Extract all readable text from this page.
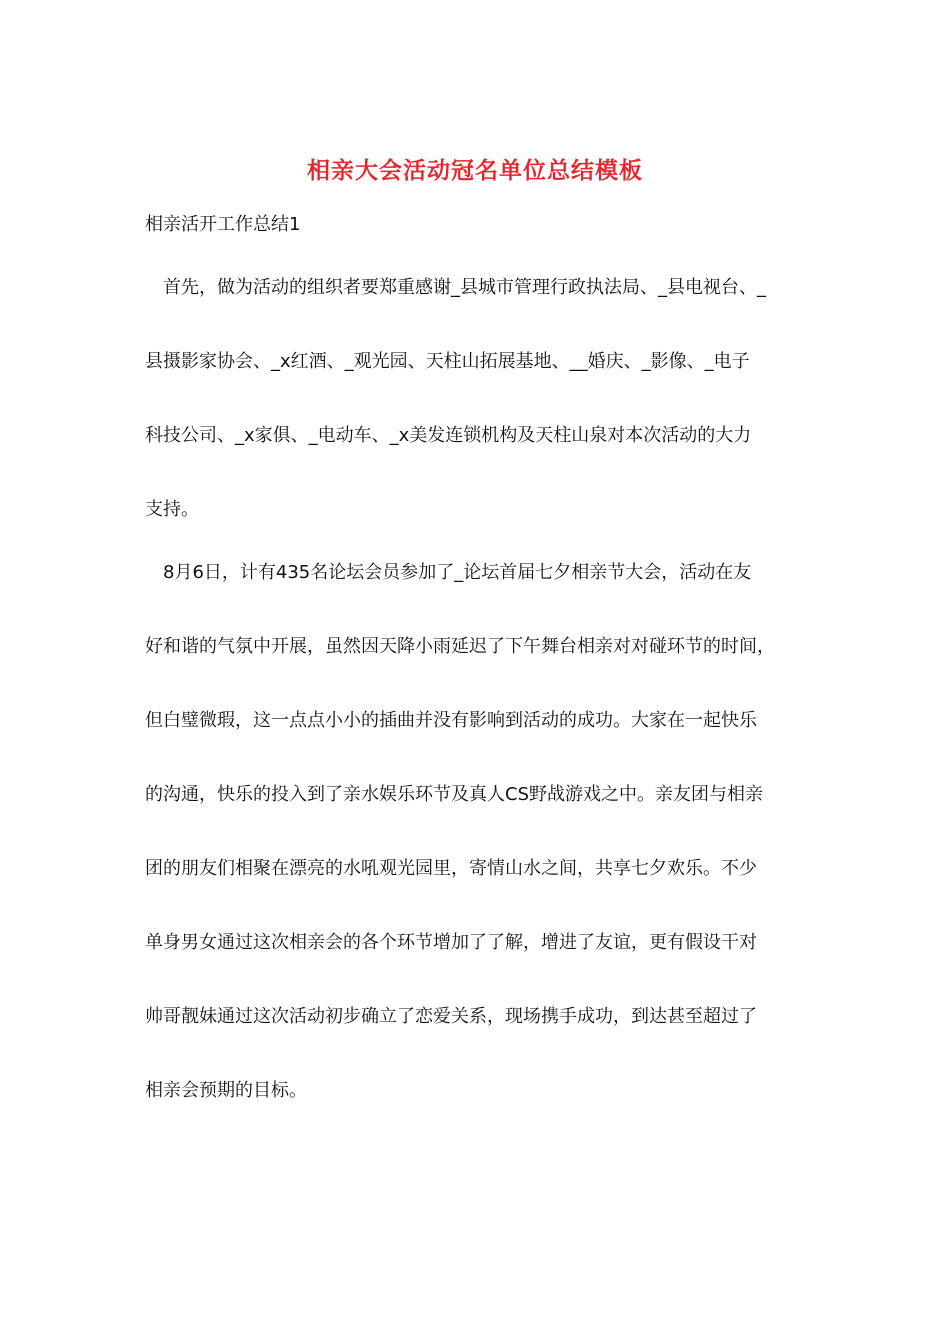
相亲大会活动冠名单位总结模板
相亲活开工作总结1

首先，做为活动的组织者要郑重感谢_县城市管理行政执法局、_县电视台、_
县摄影家协会、_x红酒、_观光园、天柱山拓展基地、__婚庆、_影像、_电子
科技公司、_x家俱、_电动车、_x美发连锁机构及天柱山泉对本次活动的大力
支持。

8月6日，计有435名论坛会员参加了_论坛首届七夕相亲节大会，活动在友
好和谐的气氛中开展，虽然因天降小雨延迟了下午舞台相亲对对碰环节的时间，
但白璧微瑕，这一点点小小的插曲并没有影响到活动的成功。大家在一起快乐
的沟通，快乐的投入到了亲水娱乐环节及真人CS野战游戏之中。亲友团与相亲
团的朋友们相聚在漂亮的水吼观光园里，寄情山水之间，共享七夕欢乐。不少
单身男女通过这次相亲会的各个环节增加了了解，增进了友谊，更有假设干对
帅哥靓妹通过这次活动初步确立了恋爱关系，现场携手成功，到达甚至超过了
相亲会预期的目标。
